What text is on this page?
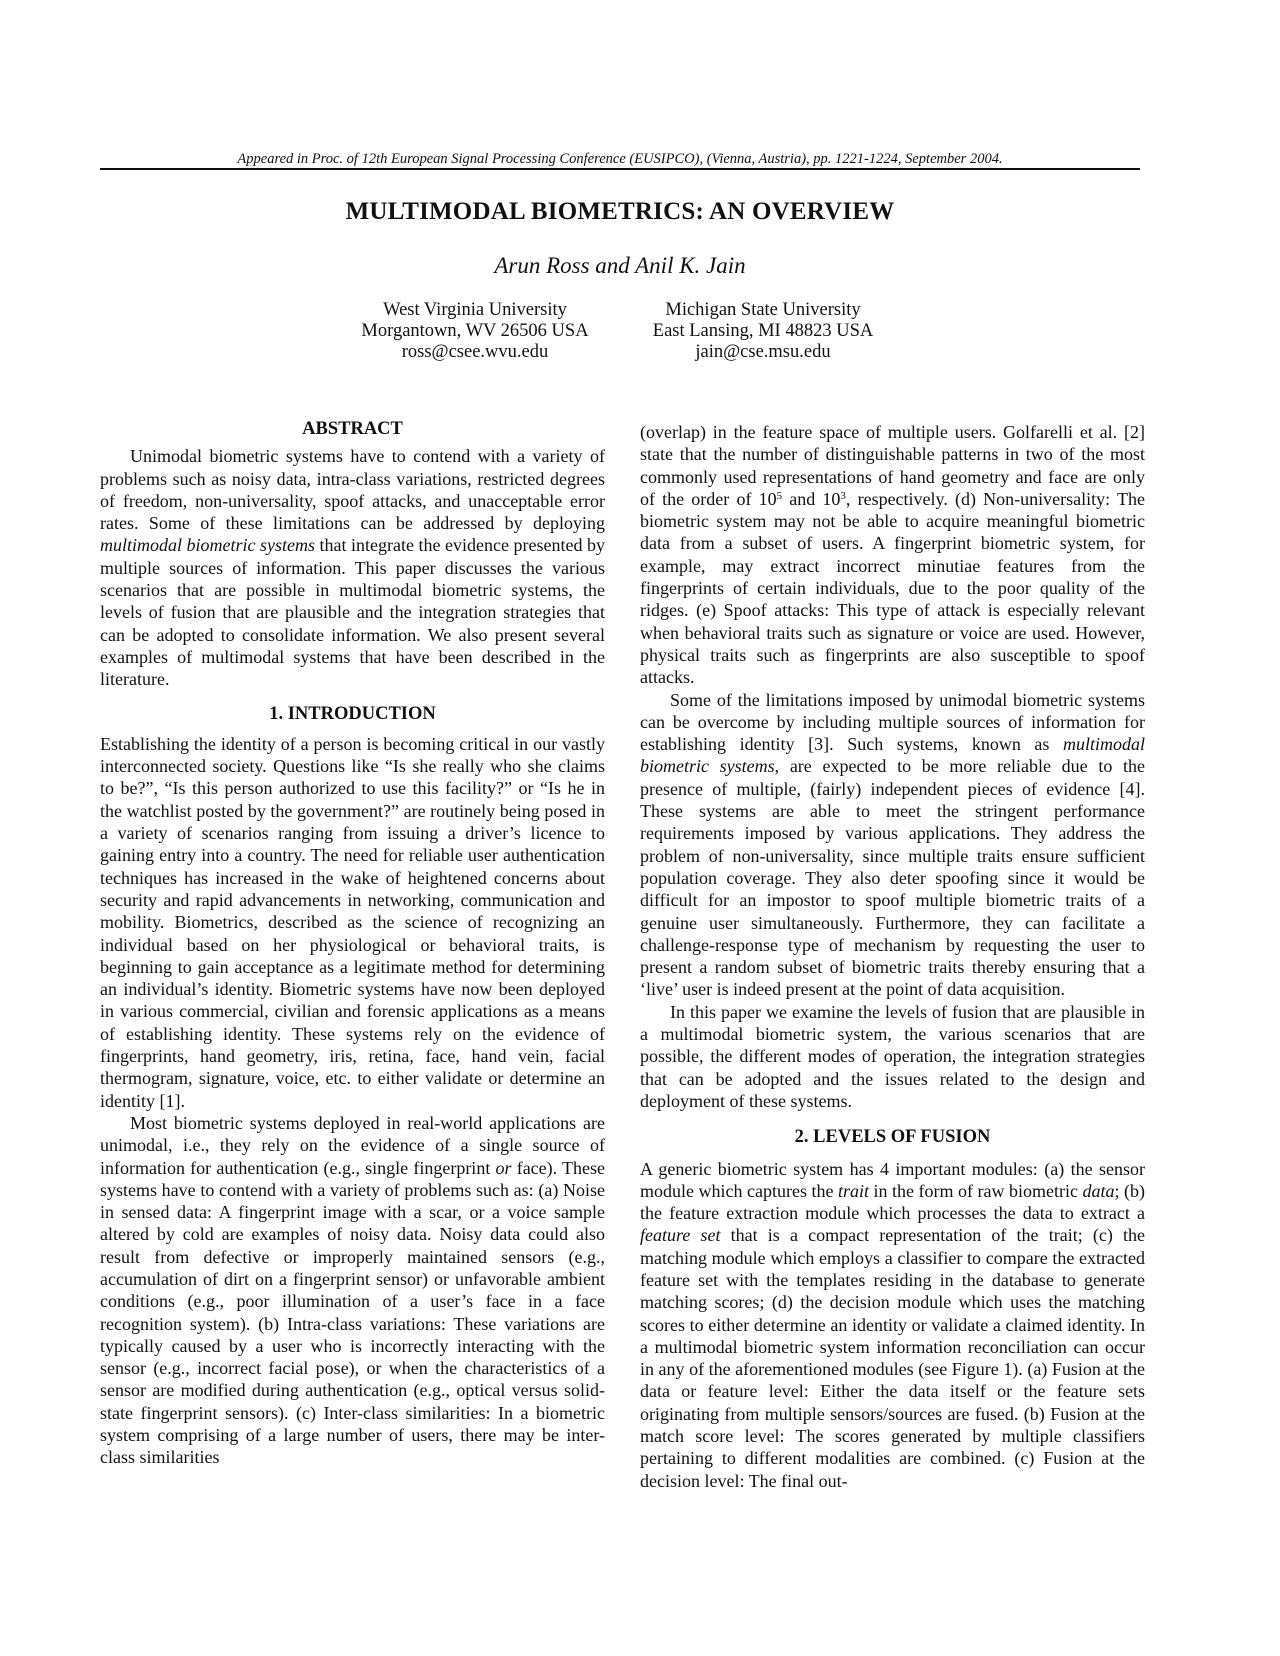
Appeared in Proc. of 12th European Signal Processing Conference (EUSIPCO), (Vienna, Austria), pp. 1221-1224, September 2004.
MULTIMODAL BIOMETRICS: AN OVERVIEW
Arun Ross and Anil K. Jain
West Virginia University
Morgantown, WV 26506 USA
ross@csee.wvu.edu
Michigan State University
East Lansing, MI 48823 USA
jain@cse.msu.edu
ABSTRACT

Unimodal biometric systems have to contend with a variety of problems such as noisy data, intra-class variations, restricted degrees of freedom, non-universality, spoof attacks, and unacceptable error rates. Some of these limitations can be addressed by deploying multimodal biometric systems that integrate the evidence presented by multiple sources of information. This paper discusses the various scenarios that are possible in multimodal biometric systems, the levels of fusion that are plausible and the integration strategies that can be adopted to consolidate information. We also present several examples of multimodal systems that have been described in the literature.

1. INTRODUCTION

Establishing the identity of a person is becoming critical in our vastly interconnected society. Questions like “Is she really who she claims to be?”, “Is this person authorized to use this facility?” or “Is he in the watchlist posted by the government?” are routinely being posed in a variety of scenarios ranging from issuing a driver’s licence to gaining entry into a country. The need for reliable user authentication techniques has increased in the wake of heightened concerns about security and rapid advancements in networking, communication and mobility. Biometrics, described as the science of recognizing an individual based on her physiological or behavioral traits, is beginning to gain acceptance as a legitimate method for determining an individual’s identity. Biometric systems have now been deployed in various commercial, civilian and forensic applications as a means of establishing identity. These systems rely on the evidence of fingerprints, hand geometry, iris, retina, face, hand vein, facial thermogram, signature, voice, etc. to either validate or determine an identity [1].

Most biometric systems deployed in real-world applications are unimodal, i.e., they rely on the evidence of a single source of information for authentication (e.g., single fingerprint or face). These systems have to contend with a variety of problems such as: (a) Noise in sensed data: A fingerprint image with a scar, or a voice sample altered by cold are examples of noisy data. Noisy data could also result from defective or improperly maintained sensors (e.g., accumulation of dirt on a fingerprint sensor) or unfavorable ambient conditions (e.g., poor illumination of a user’s face in a face recognition system). (b) Intra-class variations: These variations are typically caused by a user who is incorrectly interacting with the sensor (e.g., incorrect facial pose), or when the characteristics of a sensor are modified during authentication (e.g., optical versus solid-state fingerprint sensors). (c) Inter-class similarities: In a biometric system comprising of a large number of users, there may be inter-class similarities

(overlap) in the feature space of multiple users. Golfarelli et al. [2] state that the number of distinguishable patterns in two of the most commonly used representations of hand geometry and face are only of the order of $10^5$ and $10^3$, respectively. (d) Non-universality: The biometric system may not be able to acquire meaningful biometric data from a subset of users. A fingerprint biometric system, for example, may extract incorrect minutiae features from the fingerprints of certain individuals, due to the poor quality of the ridges. (e) Spoof attacks: This type of attack is especially relevant when behavioral traits such as signature or voice are used. However, physical traits such as fingerprints are also susceptible to spoof attacks.

Some of the limitations imposed by unimodal biometric systems can be overcome by including multiple sources of information for establishing identity [3]. Such systems, known as multimodal biometric systems, are expected to be more reliable due to the presence of multiple, (fairly) independent pieces of evidence [4]. These systems are able to meet the stringent performance requirements imposed by various applications. They address the problem of non-universality, since multiple traits ensure sufficient population coverage. They also deter spoofing since it would be difficult for an impostor to spoof multiple biometric traits of a genuine user simultaneously. Furthermore, they can facilitate a challenge-response type of mechanism by requesting the user to present a random subset of biometric traits thereby ensuring that a ‘live’ user is indeed present at the point of data acquisition.

In this paper we examine the levels of fusion that are plausible in a multimodal biometric system, the various scenarios that are possible, the different modes of operation, the integration strategies that can be adopted and the issues related to the design and deployment of these systems.

2. LEVELS OF FUSION

A generic biometric system has 4 important modules: (a) the sensor module which captures the trait in the form of raw biometric data; (b) the feature extraction module which processes the data to extract a feature set that is a compact representation of the trait; (c) the matching module which employs a classifier to compare the extracted feature set with the templates residing in the database to generate matching scores; (d) the decision module which uses the matching scores to either determine an identity or validate a claimed identity. In a multimodal biometric system information reconciliation can occur in any of the aforementioned modules (see Figure 1). (a) Fusion at the data or feature level: Either the data itself or the feature sets originating from multiple sensors/sources are fused. (b) Fusion at the match score level: The scores generated by multiple classifiers pertaining to different modalities are combined. (c) Fusion at the decision level: The final out-
